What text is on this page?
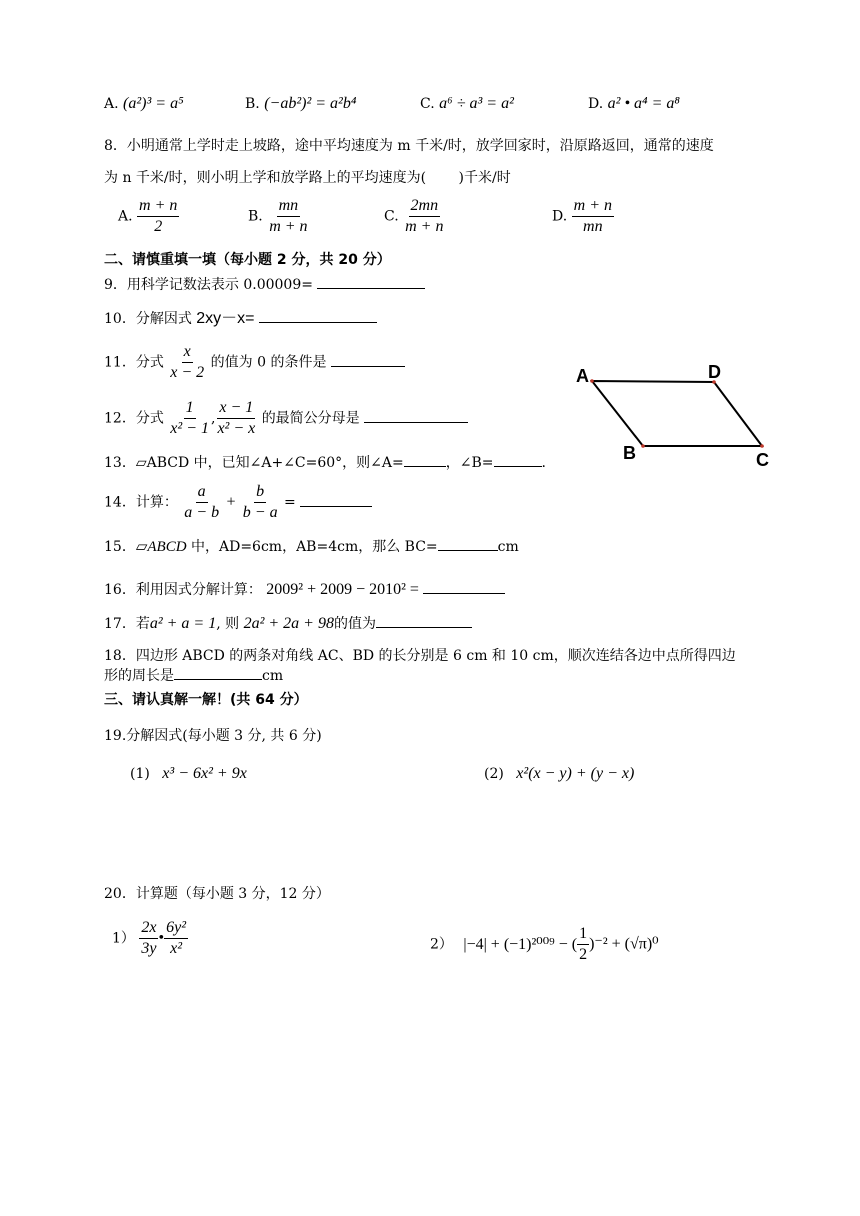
A. (a²)³ = a⁵	B. (−ab²)² = a²b⁴	C. a⁶ ÷ a³ = a²	D. a² • a⁴ = a⁸
8．小明通常上学时走上坡路，途中平均速度为 m 千米/时，放学回家时，沿原路返回，通常的速度
为 n 千米/时，则小明上学和放学路上的平均速度为(　　 )千米/时
A. $\frac{m + n}{2}$	B. $\frac{mn}{m + n}$	C. $\frac{2mn}{m + n}$	D. $\frac{m + n}{mn}$
二、请慎重填一填（每小题 2 分，共 20 分）
9．用科学记数法表示 0.00009=
10．分解因式 2xy－x=
11．分式 $\frac{x}{x - 2}$ 的值为 0 的条件是
12．分式 $\frac{1}{\text{x² − 1}}$ , $\frac{x - 1}{\text{x² − x}}$ 的最简公分母是
13．▱ABCD 中，已知∠A+∠C=60°，则∠A=	，∠B=	.
14．计算： $\frac{a}{a - b} + \frac{b}{b - a}$ =
15．▱ABCD 中，AD=6cm，AB=4cm，那么 BC=	cm
16．利用因式分解计算： 2009² + 2009 − 2010² =
17．若a² + a = 1, 则 2a² + 2a + 98的值为
18．四边形 ABCD 的两条对角线 AC、BD 的长分别是 6 cm 和 10 cm，顺次连结各边中点所得四边
形的周长是	cm
三、请认真解一解！(共 64 分）
19.分解因式(每小题 3 分, 共 6 分)
(1) x³ − 6x² + 9x	(2) x²(x − y) + (y − x)
20．计算题（每小题 3 分，12 分）
$1) \frac{2x}{3y}$ • $\frac{\text{6y²}}{\text{x²}}$	2） |−4| + (−1)²⁰⁰⁹ − ( $\frac{1}{2} )^{-2} + (√\pi)^0$
A	D
B	C
